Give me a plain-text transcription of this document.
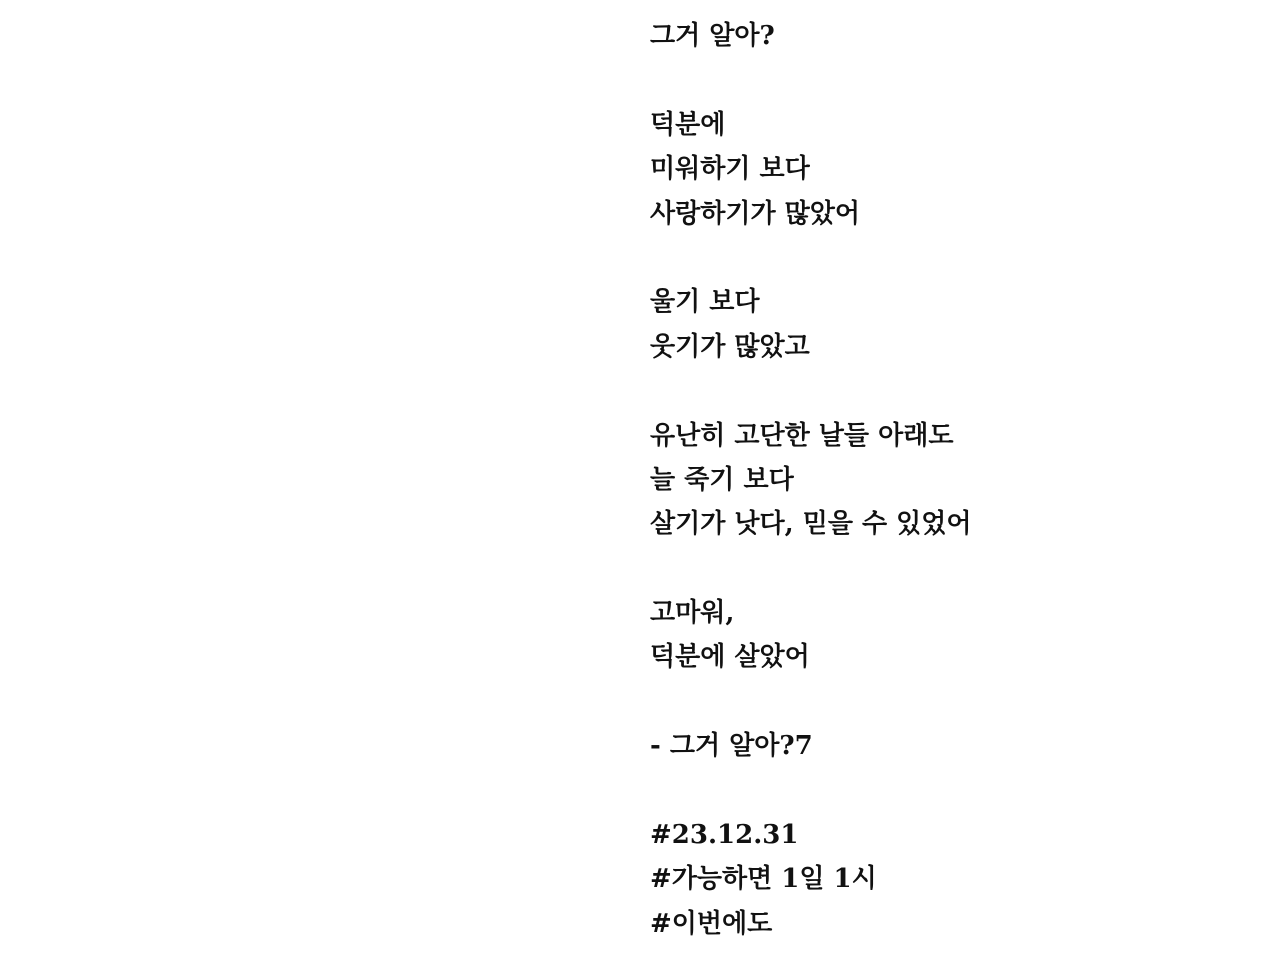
그거 알아?
덕분에
미워하기 보다
사랑하기가 많았어
울기 보다
웃기가 많았고
유난히 고단한 날들 아래도
늘 죽기 보다
살기가 낫다, 믿을 수 있었어
고마워,
덕분에 살았어
- 그거 알아?7
#23.12.31
#가능하면 1일 1시
#이번에도
